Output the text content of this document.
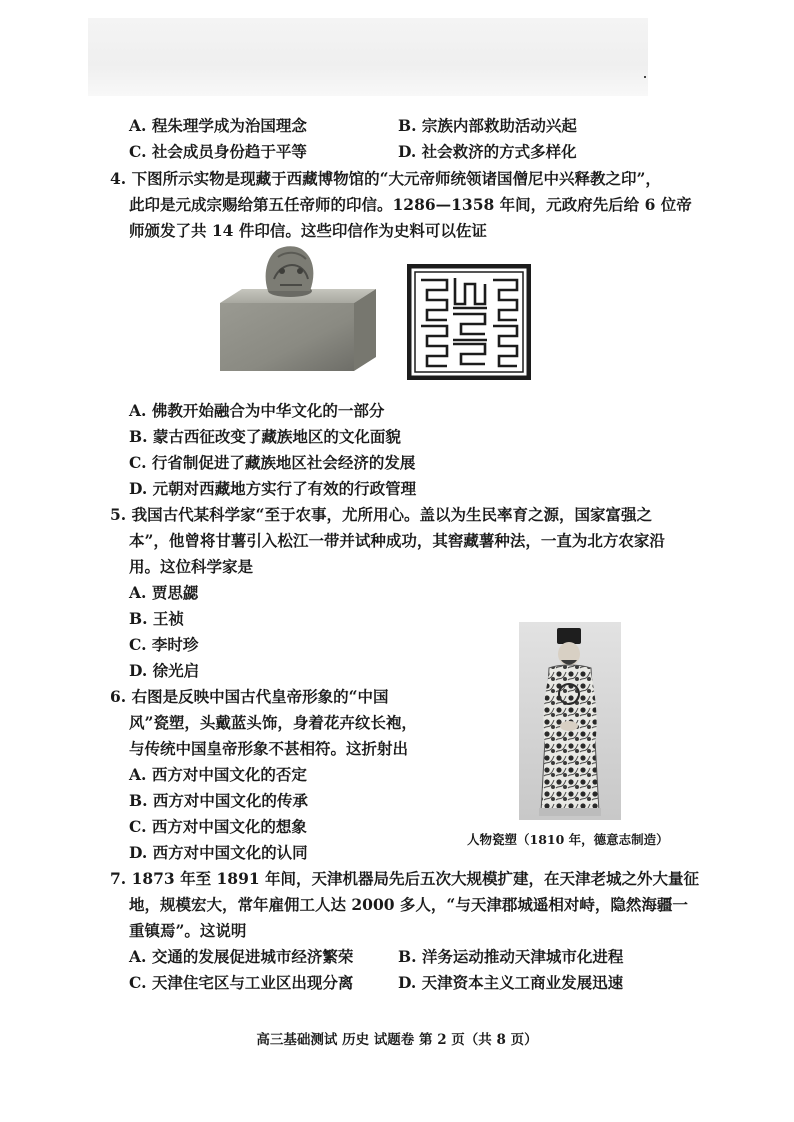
A. 程朱理学成为治国理念	B. 宗族内部救助活动兴起
C. 社会成员身份趋于平等	D. 社会救济的方式多样化
4. 下图所示实物是现藏于西藏博物馆的“大元帝师统领诸国僧尼中兴释教之印”，
此印是元成宗赐给第五任帝师的印信。1286—1358 年间，元政府先后给 6 位帝
师颁发了共 14 件印信。这些印信作为史料可以佐证
A. 佛教开始融合为中华文化的一部分
B. 蒙古西征改变了藏族地区的文化面貌
C. 行省制促进了藏族地区社会经济的发展
D. 元朝对西藏地方实行了有效的行政管理
5. 我国古代某科学家“至于农事，尤所用心。盖以为生民率育之源，国家富强之
本”，他曾将甘薯引入松江一带并试种成功，其窖藏薯种法，一直为北方农家沿
用。这位科学家是
A. 贾思勰
B. 王祯
C. 李时珍
D. 徐光启
6. 右图是反映中国古代皇帝形象的“中国
风”瓷塑，头戴蓝头饰，身着花卉纹长袍，
与传统中国皇帝形象不甚相符。这折射出
A. 西方对中国文化的否定
B. 西方对中国文化的传承
C. 西方对中国文化的想象
D. 西方对中国文化的认同
人物瓷塑（1810 年，德意志制造）
7. 1873 年至 1891 年间，天津机器局先后五次大规模扩建，在天津老城之外大量征
地，规模宏大，常年雇佣工人达 2000 多人，“与天津郡城遥相对峙，隐然海疆一
重镇焉”。这说明
A. 交通的发展促进城市经济繁荣	B. 洋务运动推动天津城市化进程
C. 天津住宅区与工业区出现分离	D. 天津资本主义工商业发展迅速
高三基础测试 历史 试题卷 第 2 页（共 8 页）
